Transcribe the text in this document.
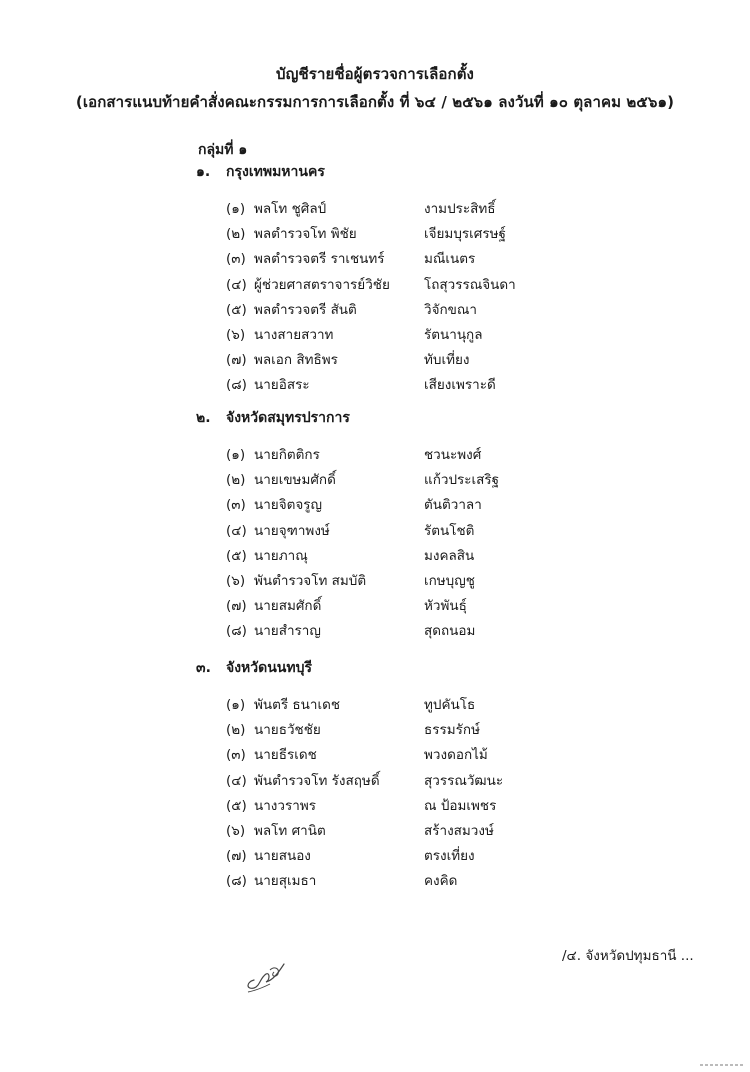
บัญชีรายชื่อผู้ตรวจการเลือกตั้ง
(เอกสารแนบท้ายคำสั่งคณะกรรมการการเลือกตั้ง ที่ ๖๔ / ๒๕๖๑ ลงวันที่ ๑๐ ตุลาคม ๒๕๖๑)
กลุ่มที่ ๑
๑. กรุงเทพมหานคร
(๑) พลโท ชูศิลป์	งามประสิทธิ์
(๒) พลตำรวจโท พิชัย	เจียมบุรเศรษฐ์
(๓) พลตำรวจตรี ราเชนทร์	มณีเนตร
(๔) ผู้ช่วยศาสตราจารย์วิชัย	โถสุวรรณจินดา
(๕) พลตำรวจตรี สันติ	วิจักขณา
(๖) นางสายสวาท	รัตนานุกูล
(๗) พลเอก สิทธิพร	ทับเที่ยง
(๘) นายอิสระ	เสียงเพราะดี
๒. จังหวัดสมุทรปราการ
(๑) นายกิตติกร	ชวนะพงศ์
(๒) นายเขษมศักดิ์	แก้วประเสริฐ
(๓) นายจิตจรูญ	ตันติวาลา
(๔) นายจุฑาพงษ์	รัตนโชติ
(๕) นายภาณุ	มงคลสิน
(๖) พันตำรวจโท สมบัติ	เกษบุญชู
(๗) นายสมศักดิ์	หัวพันธุ์
(๘) นายสำราญ	สุดถนอม
๓. จังหวัดนนทบุรี
(๑) พันตรี ธนาเดช	ทูปคันโธ
(๒) นายธวัชชัย	ธรรมรักษ์
(๓) นายธีรเดช	พวงดอกไม้
(๔) พันตำรวจโท รังสฤษดิ์	สุวรรณวัฒนะ
(๕) นางวราพร	ณ ป้อมเพชร
(๖) พลโท ศานิต	สร้างสมวงษ์
(๗) นายสนอง	ตรงเที่ยง
(๘) นายสุเมธา	คงคิด
/๔. จังหวัดปทุมธานี ...
